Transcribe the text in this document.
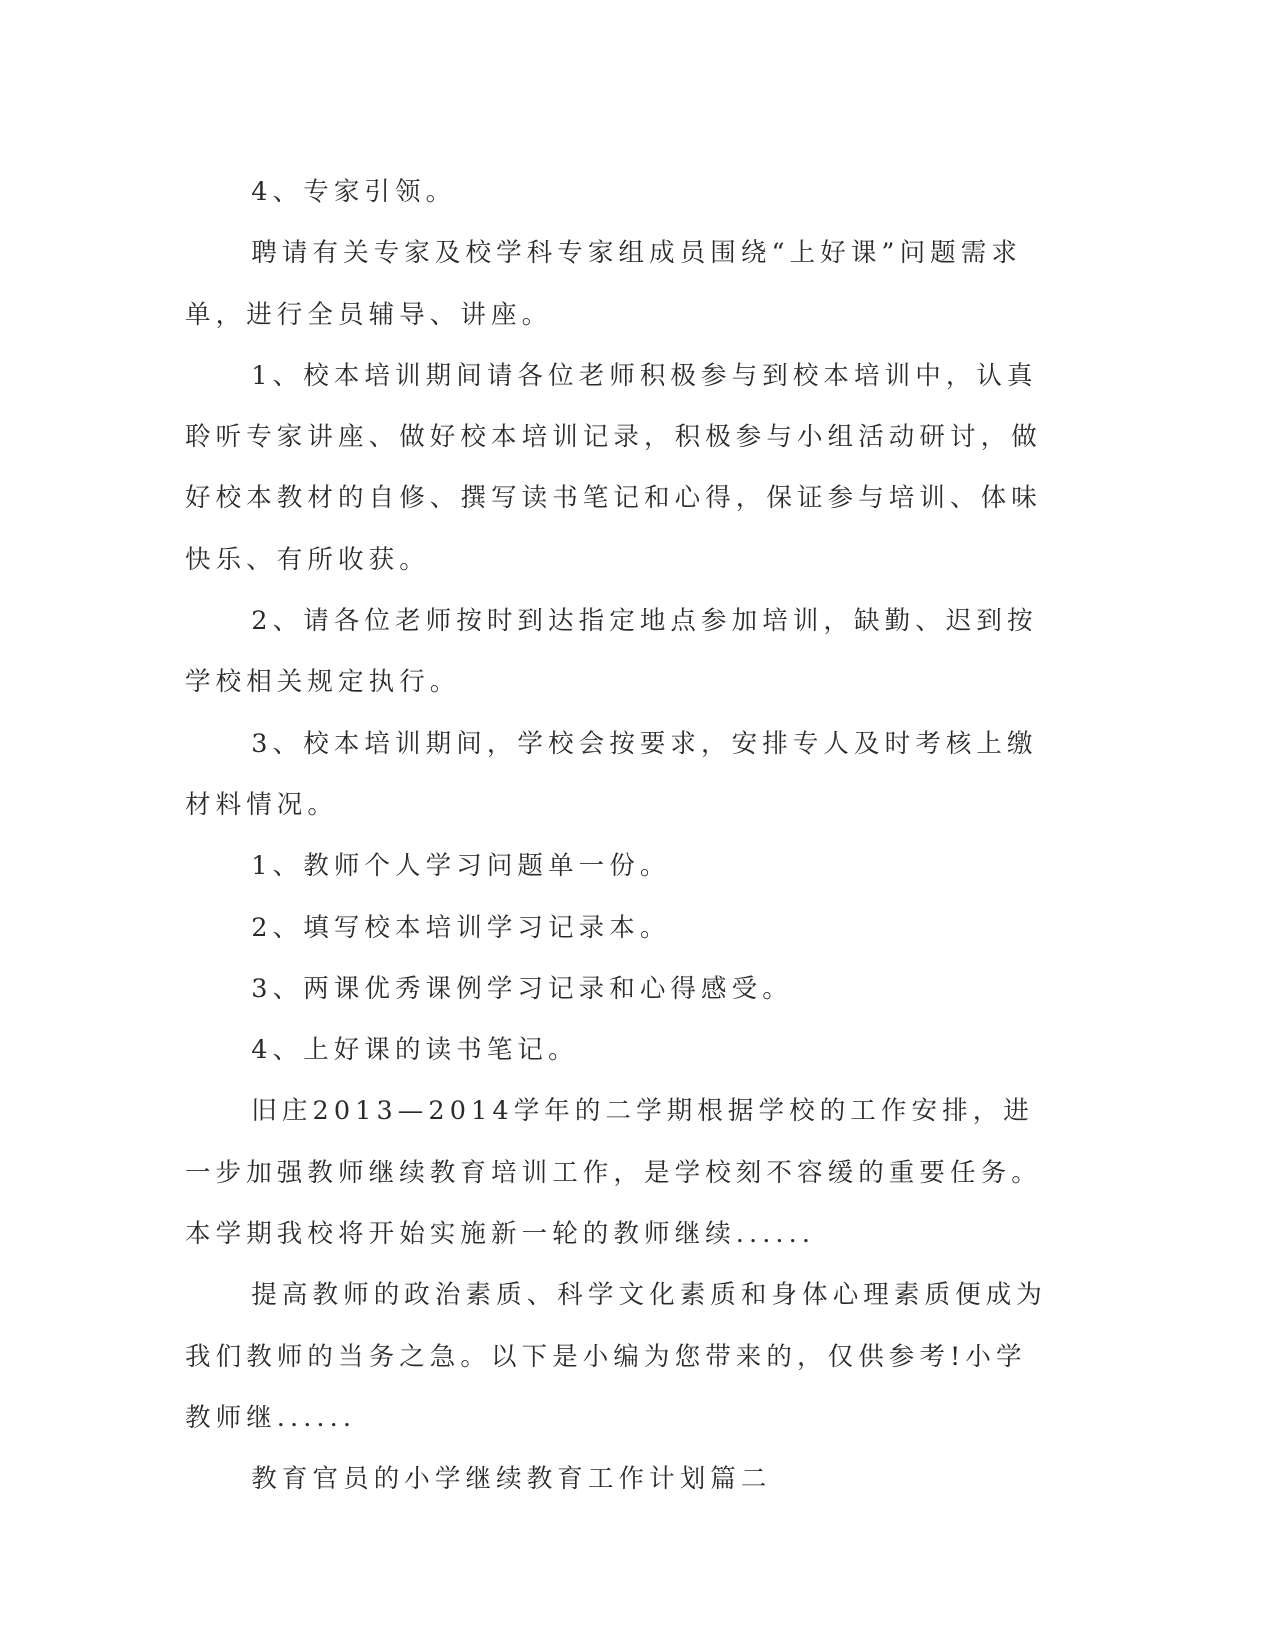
4、专家引领。

聘请有关专家及校学科专家组成员围绕“上好课”问题需求单，进行全员辅导、讲座。

1、校本培训期间请各位老师积极参与到校本培训中，认真聆听专家讲座、做好校本培训记录，积极参与小组活动研讨，做好校本教材的自修、撰写读书笔记和心得，保证参与培训、体味快乐、有所收获。

2、请各位老师按时到达指定地点参加培训，缺勤、迟到按学校相关规定执行。

3、校本培训期间，学校会按要求，安排专人及时考核上缴材料情况。

1、教师个人学习问题单一份。

2、填写校本培训学习记录本。

3、两课优秀课例学习记录和心得感受。

4、上好课的读书笔记。

旧庄2013—2014学年的二学期根据学校的工作安排，进一步加强教师继续教育培训工作，是学校刻不容缓的重要任务。本学期我校将开始实施新一轮的教师继续......

提高教师的政治素质、科学文化素质和身体心理素质便成为我们教师的当务之急。以下是小编为您带来的，仅供参考!小学教师继......

教育官员的小学继续教育工作计划篇二
